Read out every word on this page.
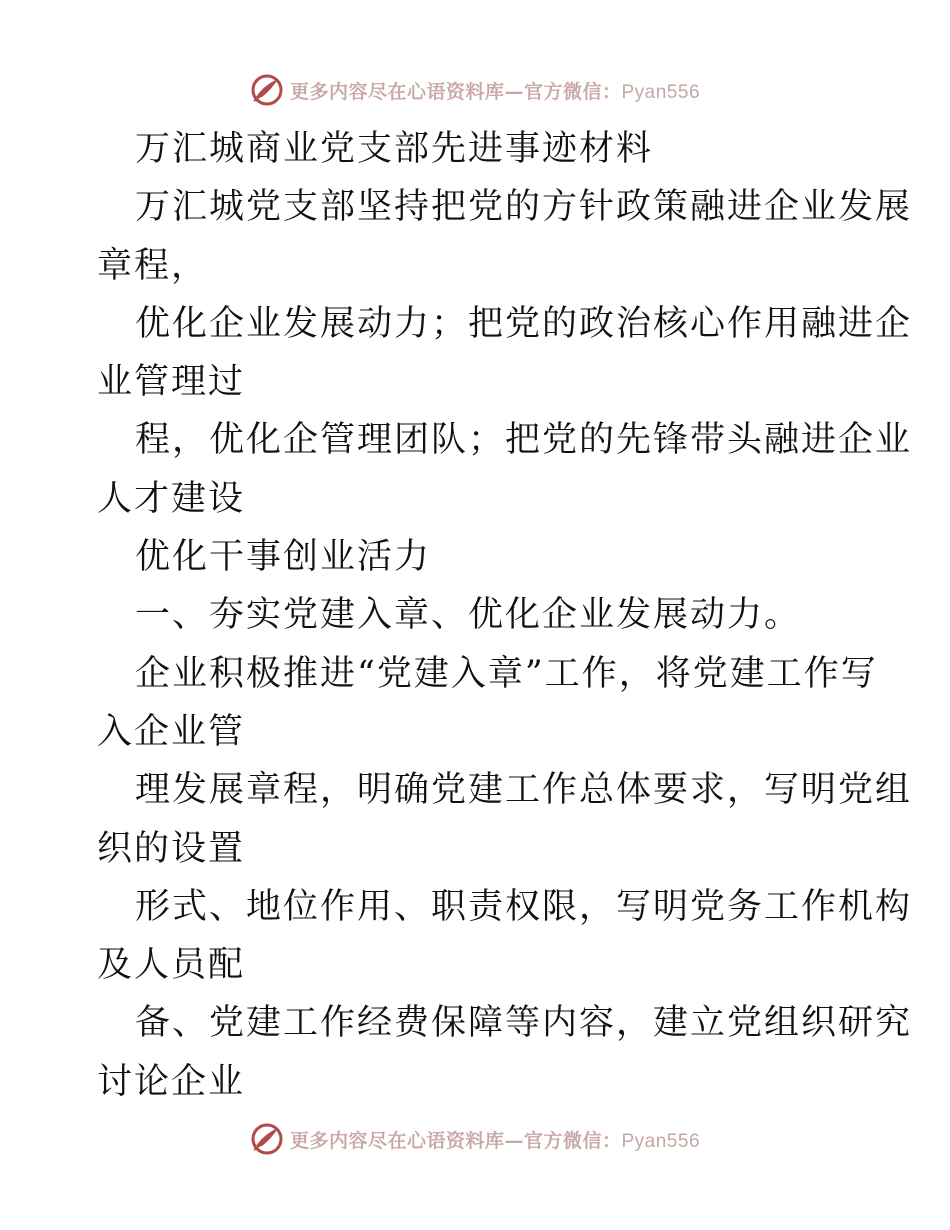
更多内容尽在心语资料库—官方微信：Pyan556
万汇城商业党支部先进事迹材料
万汇城党支部坚持把党的方针政策融进企业发展
章程，
优化企业发展动力；把党的政治核心作用融进企
业管理过
程，优化企管理团队；把党的先锋带头融进企业
人才建设
优化干事创业活力
一、夯实党建入章、优化企业发展动力。
企业积极推进“党建入章”工作，将党建工作写
入企业管
理发展章程，明确党建工作总体要求，写明党组
织的设置
形式、地位作用、职责权限，写明党务工作机构
及人员配
备、党建工作经费保障等内容，建立党组织研究
讨论企业
更多内容尽在心语资料库—官方微信：Pyan556
